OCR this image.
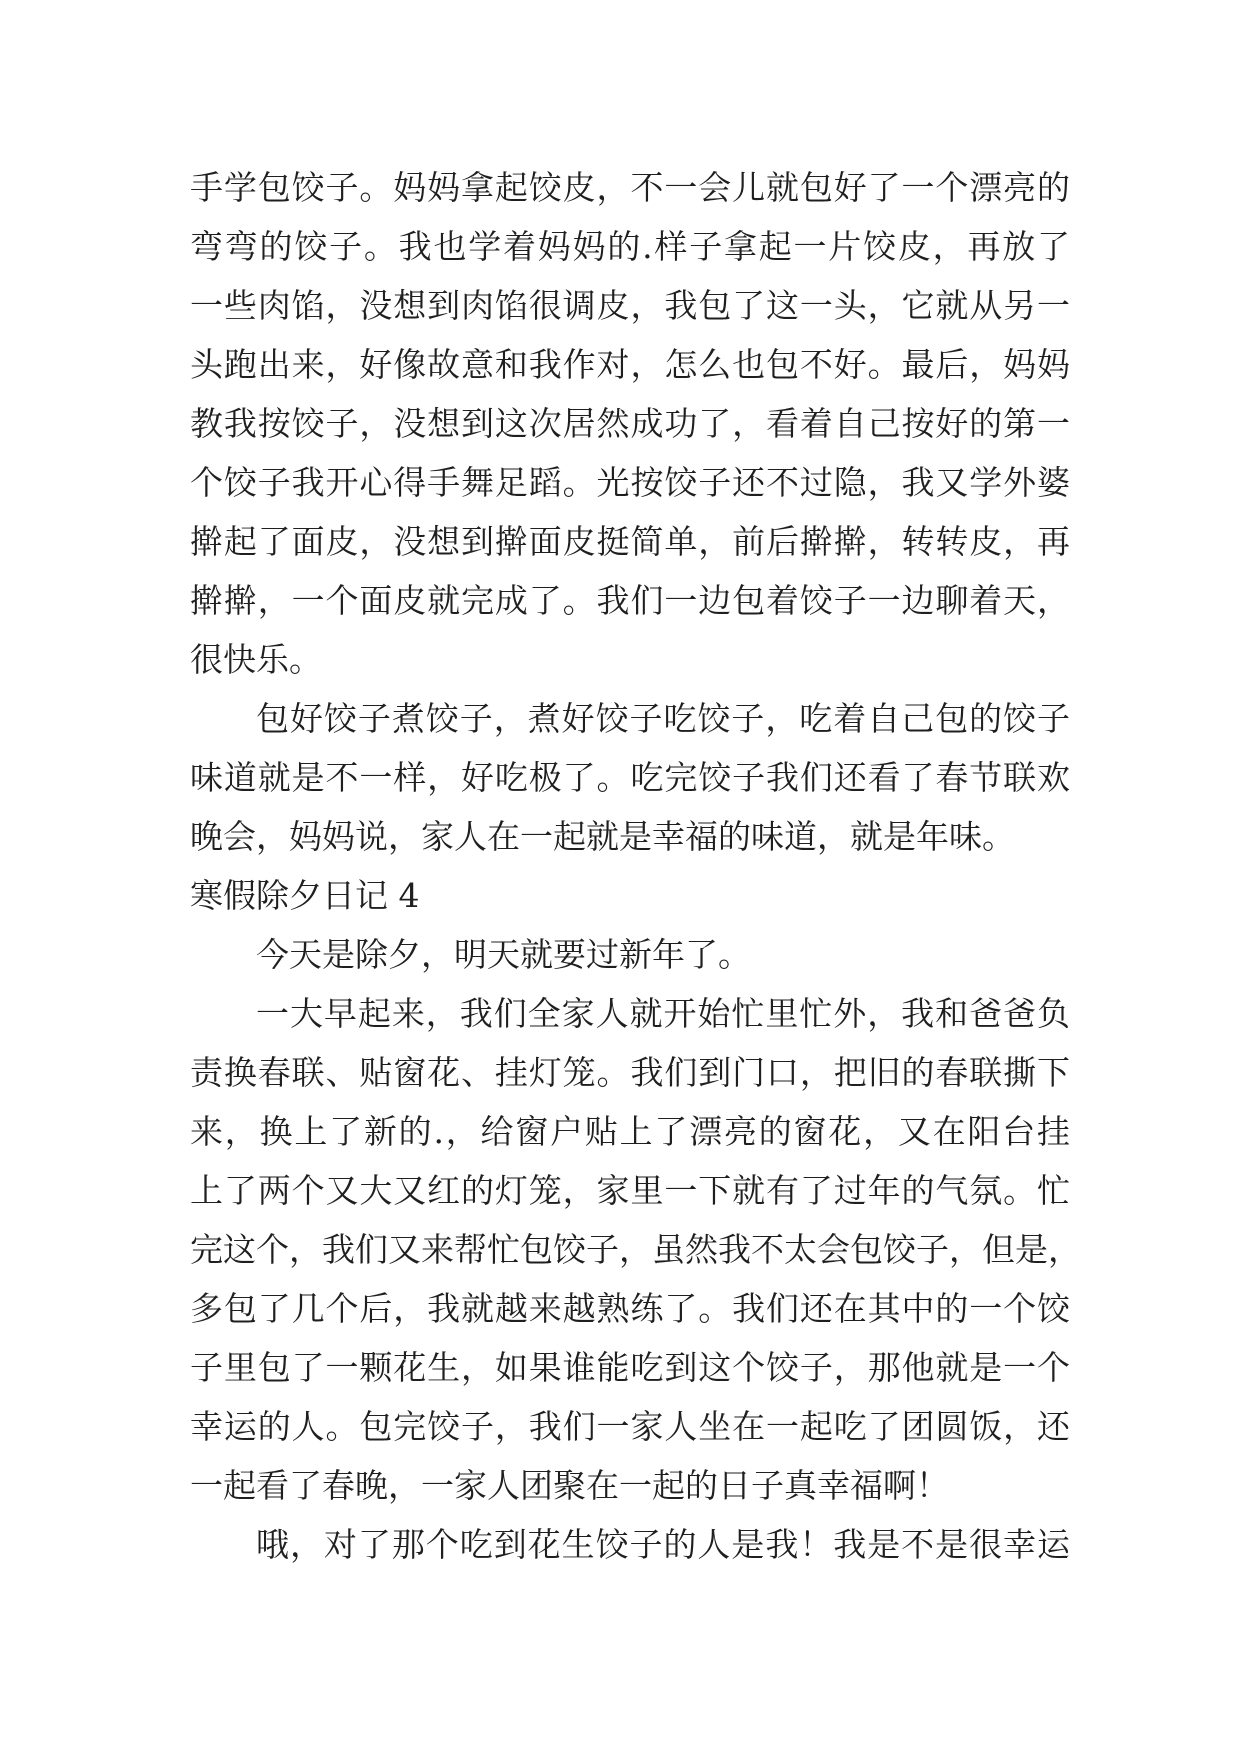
手学包饺子。妈妈拿起饺皮，不一会儿就包好了一个漂亮的
弯弯的饺子。我也学着妈妈的.样子拿起一片饺皮，再放了
一些肉馅，没想到肉馅很调皮，我包了这一头，它就从另一
头跑出来，好像故意和我作对，怎么也包不好。最后，妈妈
教我按饺子，没想到这次居然成功了，看着自己按好的第一
个饺子我开心得手舞足蹈。光按饺子还不过隐，我又学外婆
擀起了面皮，没想到擀面皮挺简单，前后擀擀，转转皮，再
擀擀，一个面皮就完成了。我们一边包着饺子一边聊着天，
很快乐。
包好饺子煮饺子，煮好饺子吃饺子，吃着自己包的饺子
味道就是不一样，好吃极了。吃完饺子我们还看了春节联欢
晚会，妈妈说，家人在一起就是幸福的味道，就是年味。
寒假除夕日记 4
今天是除夕，明天就要过新年了。
一大早起来，我们全家人就开始忙里忙外，我和爸爸负
责换春联、贴窗花、挂灯笼。我们到门口，把旧的春联撕下
来，换上了新的.，给窗户贴上了漂亮的窗花，又在阳台挂
上了两个又大又红的灯笼，家里一下就有了过年的气氛。忙
完这个，我们又来帮忙包饺子，虽然我不太会包饺子，但是，
多包了几个后，我就越来越熟练了。我们还在其中的一个饺
子里包了一颗花生，如果谁能吃到这个饺子，那他就是一个
幸运的人。包完饺子，我们一家人坐在一起吃了团圆饭，还
一起看了春晚，一家人团聚在一起的日子真幸福啊！
哦，对了那个吃到花生饺子的人是我！我是不是很幸运
